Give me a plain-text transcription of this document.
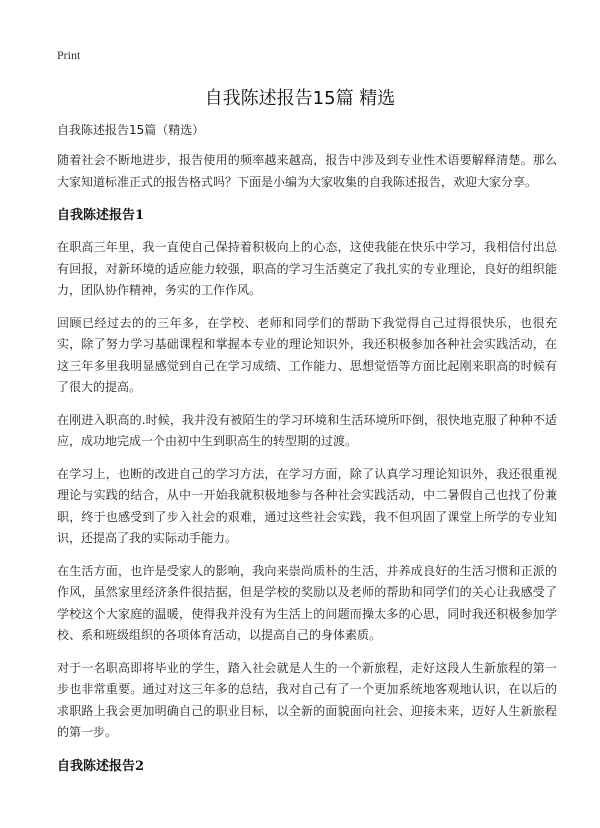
Print
自我陈述报告15篇 精选
自我陈述报告15篇（精选）

随着社会不断地进步，报告使用的频率越来越高，报告中涉及到专业性术语要解释清楚。那么大家知道标准正式的报告格式吗？下面是小编为大家收集的自我陈述报告，欢迎大家分享。

自我陈述报告1

在职高三年里，我一直使自己保持着积极向上的心态，这使我能在快乐中学习，我相信付出总有回报，对新环境的适应能力较强，职高的学习生活奠定了我扎实的专业理论，良好的组织能力，团队协作精神，务实的工作作风。

回顾已经过去的的三年多，在学校、老师和同学们的帮助下我觉得自己过得很快乐，也很充实，除了努力学习基础课程和掌握本专业的理论知识外，我还积极参加各种社会实践活动，在这三年多里我明显感觉到自己在学习成绩、工作能力、思想觉悟等方面比起刚来职高的时候有了很大的提高。

在刚进入职高的.时候，我并没有被陌生的学习环境和生活环境所吓倒，很快地克服了种种不适应，成功地完成一个由初中生到职高生的转型期的过渡。

在学习上，也断的改进自己的学习方法，在学习方面，除了认真学习理论知识外，我还很重视理论与实践的结合，从中一开始我就积极地参与各种社会实践活动，中二暑假自己也找了份兼职，终于也感受到了步入社会的艰难，通过这些社会实践，我不但巩固了课堂上所学的专业知识，还提高了我的实际动手能力。

在生活方面，也许是受家人的影响，我向来崇尚质朴的生活，并养成良好的生活习惯和正派的作风，虽然家里经济条件很拮据，但是学校的奖励以及老师的帮助和同学们的关心让我感受了学校这个大家庭的温暖，使得我并没有为生活上的问题而操太多的心思，同时我还积极参加学校、系和班级组织的各项体育活动，以提高自己的身体素质。

对于一名职高即将毕业的学生，踏入社会就是人生的一个新旅程，走好这段人生新旅程的第一步也非常重要。通过对这三年多的总结，我对自己有了一个更加系统地客观地认识，在以后的求职路上我会更加明确自己的职业目标，以全新的面貌面向社会、迎接未来，迈好人生新旅程的第一步。

自我陈述报告2
